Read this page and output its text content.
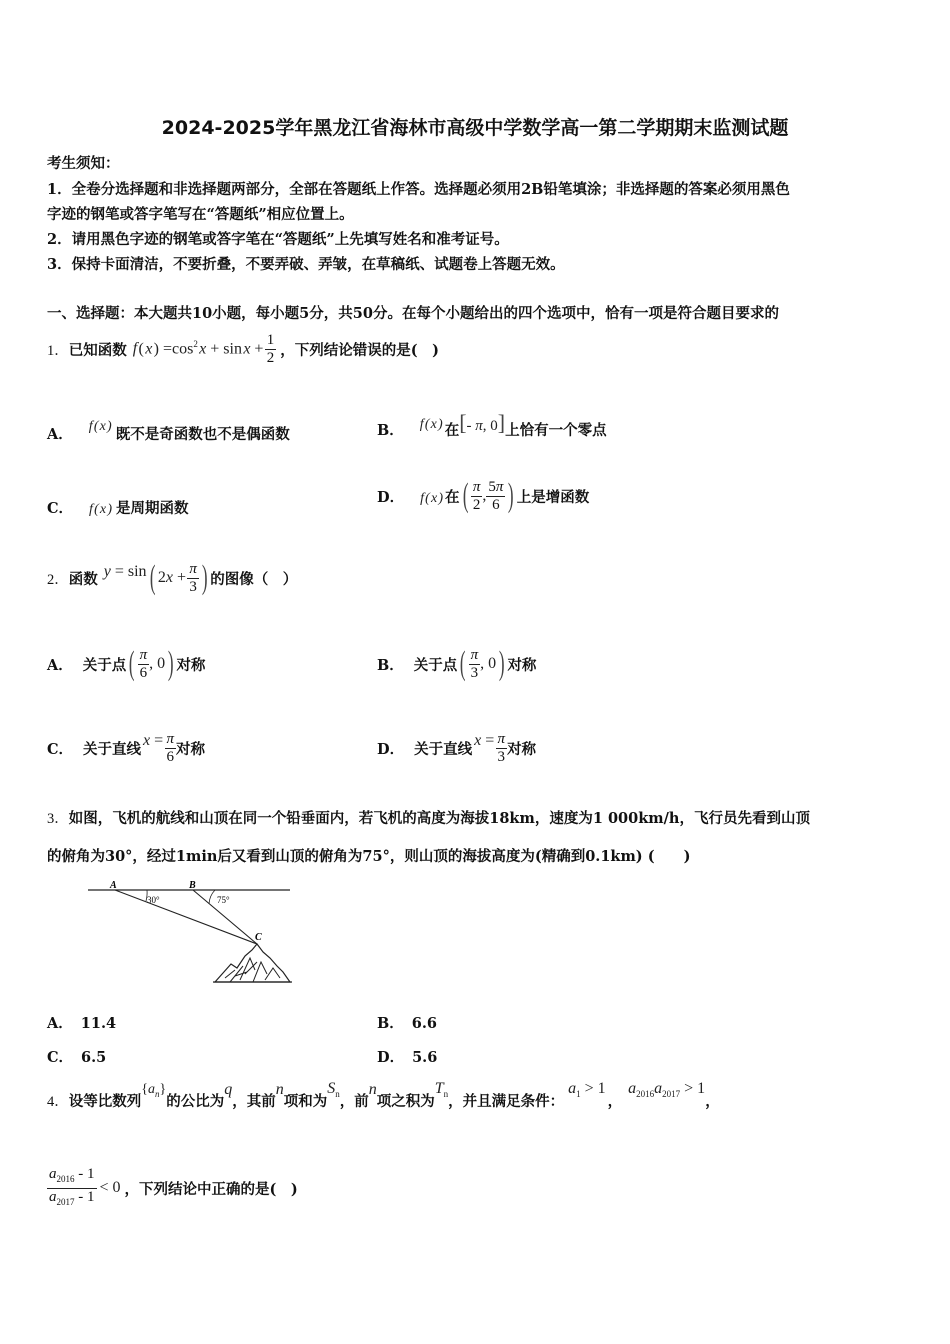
2024-2025学年黑龙江省海林市高级中学数学高一第二学期期末监测试题
考生须知：
1．全卷分选择题和非选择题两部分，全部在答题纸上作答。选择题必须用2B铅笔填涂；非选择题的答案必须用黑色
字迹的钢笔或答字笔写在“答题纸”相应位置上。
2．请用黑色字迹的钢笔或答字笔在“答题纸”上先填写姓名和准考证号。
3．保持卡面清洁，不要折叠，不要弄破、弄皱，在草稿纸、试题卷上答题无效。
一、选择题：本大题共10小题，每小题5分，共50分。在每个小题给出的四个选项中，恰有一项是符合题目要求的
1． 已知函数 f  ( x ) $=\cos^2$ x + sin x +  $\frac{1}{2}$ ，下列结论错误的是(　)
A． f ( x ) 既不是奇函数也不是偶函数	B． f ( x ) 在 [- π, 0] 上恰有一个零点
C． f ( x ) 是周期函数
D． f ( x ) 在 ( $\frac{\pi}{2}$ , $\frac{5\pi}{6}$ ) 上是增函数
2． 函数 y = sin ( 2x +  $\frac{\pi}{3}$ ) 的图像（　）
A． 关于点 ( $\frac{\pi}{6}$ , 0 ) 对称	B． 关于点 ( $\frac{\pi}{3}$ , 0 ) 对称
C． 关于直线 x =  $\frac{\pi}{6}$ 对称	D． 关于直线 x =  $\frac{\pi}{3}$ 对称
3．如图，飞机的航线和山顶在同一个铅垂面内，若飞机的高度为海拔18km，速度为1 000km/h，飞行员先看到山顶
的俯角为30°，经过1min后又看到山顶的俯角为75°，则山顶的海拔高度为(精确到0.1km) (　　)
A	B
C
30°	75°
A． 11.4	B． 6.6
C． 6.5	D． 5.6
4． 设等比数列
$\{a_n\}$
的公比为
q
，其前
n
项和为
$S_n$ ，前
n
项之积为
$T_n$ ，并且满足条件：
$a_1 > 1$
，
$a_{2016}a_{2017} > 1$
，
$\frac{a_{2016} - 1}{a_{2017} - 1} < 0$ ，下列结论中正确的是(　)
